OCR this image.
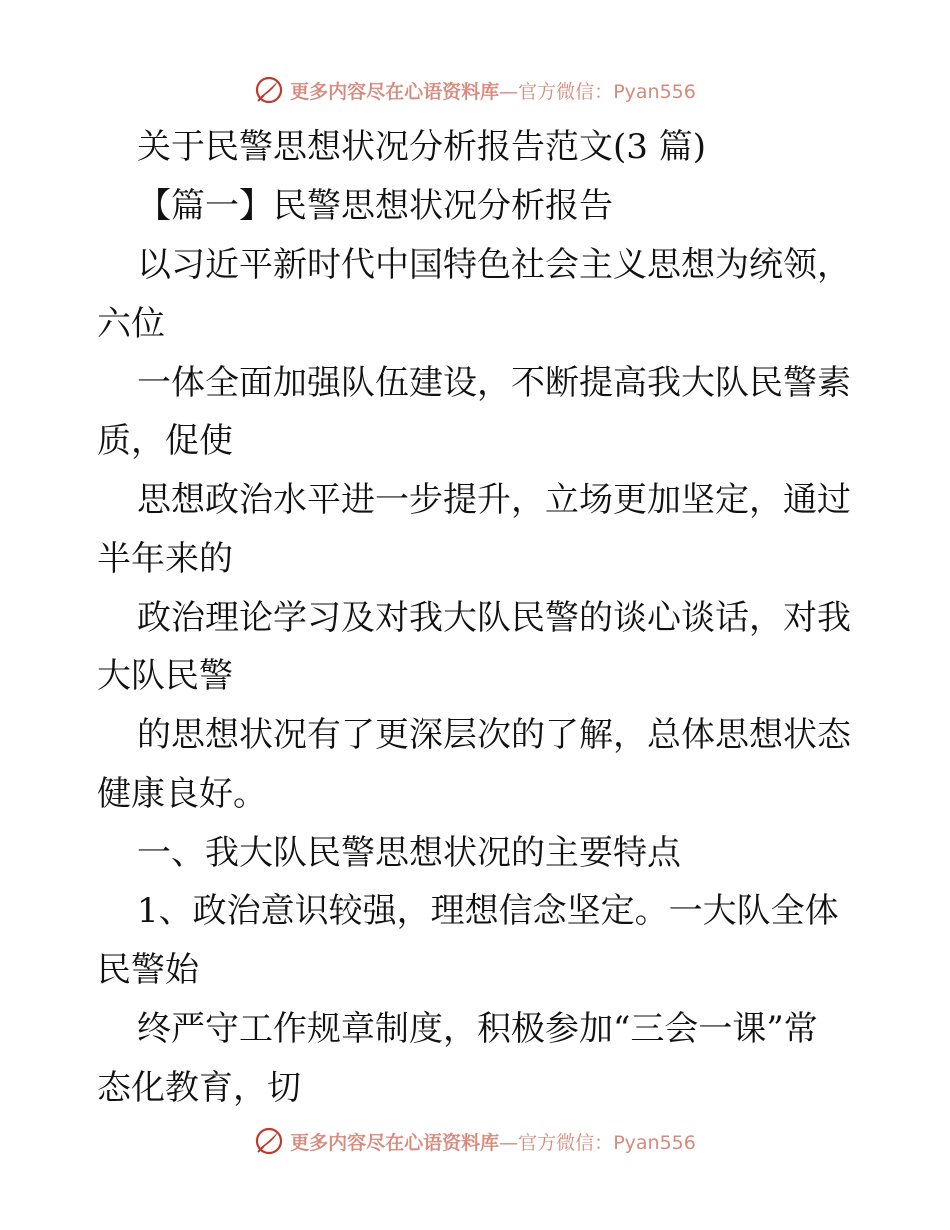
更多内容尽在心语资料库—官方微信：Pyan556
关于民警思想状况分析报告范文(3 篇)
【篇一】民警思想状况分析报告
以习近平新时代中国特色社会主义思想为统领，
六位
一体全面加强队伍建设，不断提高我大队民警素
质，促使
思想政治水平进一步提升，立场更加坚定，通过
半年来的
政治理论学习及对我大队民警的谈心谈话，对我
大队民警
的思想状况有了更深层次的了解，总体思想状态
健康良好。
一、我大队民警思想状况的主要特点
1、政治意识较强，理想信念坚定。一大队全体
民警始
终严守工作规章制度，积极参加“三会一课”常
态化教育，切
更多内容尽在心语资料库—官方微信：Pyan556
